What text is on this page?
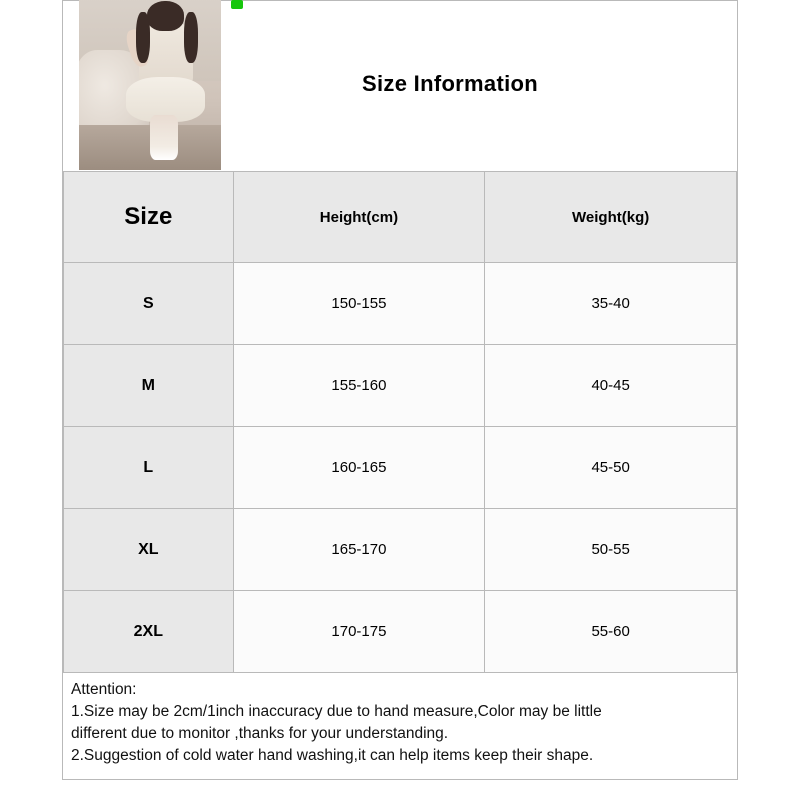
Size Information
Size	Height(cm)	Weight(kg)
S	150-155	35-40
M	155-160	40-45
L	160-165	45-50
XL	165-170	50-55
2XL	170-175	55-60
Attention:
1.Size may be 2cm/1inch inaccuracy due to hand measure,Color may be little
different due to monitor ,thanks for your understanding.
2.Suggestion of cold water hand washing,it can help items keep their shape.
